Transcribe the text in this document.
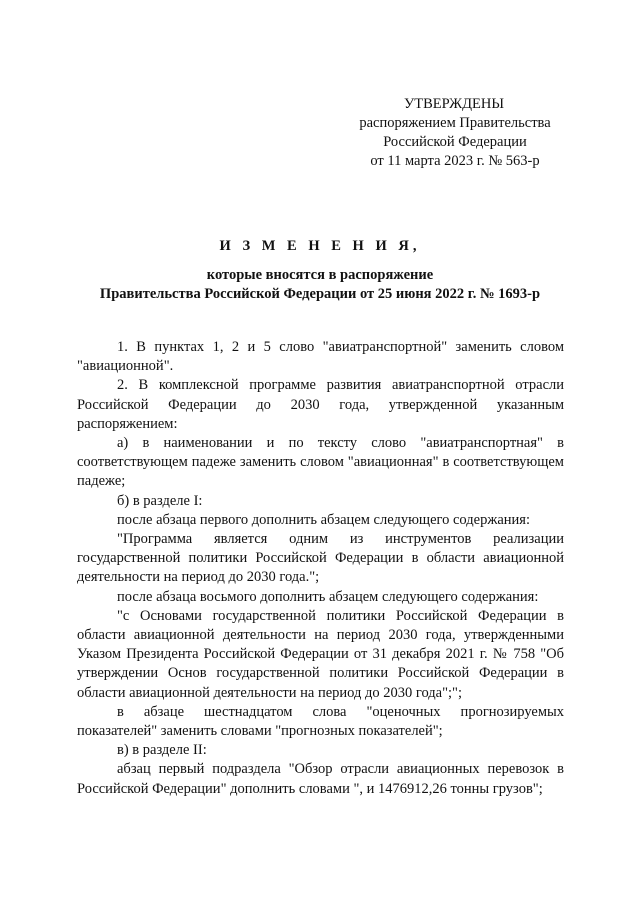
УТВЕРЖДЕНЫ
распоряжением Правительства
Российской Федерации
от 11 марта 2023 г. № 563-р
И З М Е Н Е Н И Я,
которые вносятся в распоряжение
Правительства Российской Федерации от 25 июня 2022 г. № 1693-р

1. В пунктах 1, 2 и 5 слово "авиатранспортной" заменить словом "авиационной".

2. В комплексной программе развития авиатранспортной отрасли Российской Федерации до 2030 года, утвержденной указанным распоряжением:

а) в наименовании и по тексту слово "авиатранспортная" в соответствующем падеже заменить словом "авиационная" в соответствующем падеже;

б) в разделе I:

после абзаца первого дополнить абзацем следующего содержания:

"Программа является одним из инструментов реализации государственной политики Российской Федерации в области авиационной деятельности на период до 2030 года.";

после абзаца восьмого дополнить абзацем следующего содержания:

"с Основами государственной политики Российской Федерации в области авиационной деятельности на период 2030 года, утвержденными Указом Президента Российской Федерации от 31 декабря 2021 г. № 758 "Об утверждении Основ государственной политики Российской Федерации в области авиационной деятельности на период до 2030 года";";

в абзаце шестнадцатом слова "оценочных прогнозируемых показателей" заменить словами "прогнозных показателей";

в) в разделе II:

абзац первый подраздела "Обзор отрасли авиационных перевозок в Российской Федерации" дополнить словами ", и 1476912,26 тонны грузов";
